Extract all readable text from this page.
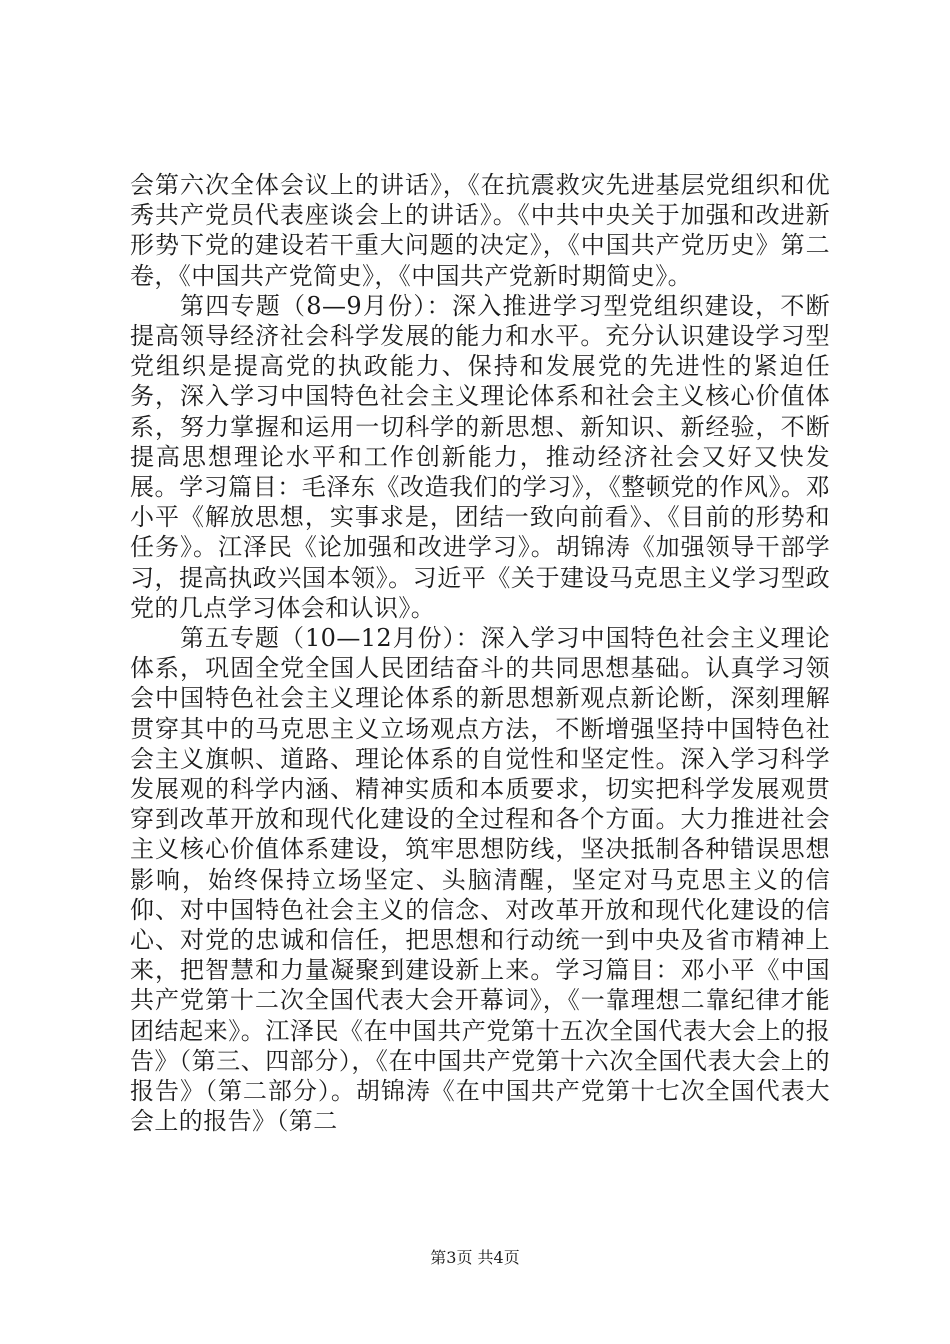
会第六次全体会议上的讲话》，《在抗震救灾先进基层党组织和优秀共产党员代表座谈会上的讲话》。《中共中央关于加强和改进新形势下党的建设若干重大问题的决定》，《中国共产党历史》第二卷，《中国共产党简史》，《中国共产党新时期简史》。

第四专题（8—9月份）：深入推进学习型党组织建设，不断提高领导经济社会科学发展的能力和水平。充分认识建设学习型党组织是提高党的执政能力、保持和发展党的先进性的紧迫任务，深入学习中国特色社会主义理论体系和社会主义核心价值体系，努力掌握和运用一切科学的新思想、新知识、新经验，不断提高思想理论水平和工作创新能力，推动经济社会又好又快发展。学习篇目：毛泽东《改造我们的学习》，《整顿党的作风》。邓小平《解放思想，实事求是，团结一致向前看》、《目前的形势和任务》。江泽民《论加强和改进学习》。胡锦涛《加强领导干部学习，提高执政兴国本领》。习近平《关于建设马克思主义学习型政党的几点学习体会和认识》。

第五专题（10—12月份）：深入学习中国特色社会主义理论体系，巩固全党全国人民团结奋斗的共同思想基础。认真学习领会中国特色社会主义理论体系的新思想新观点新论断，深刻理解贯穿其中的马克思主义立场观点方法，不断增强坚持中国特色社会主义旗帜、道路、理论体系的自觉性和坚定性。深入学习科学发展观的科学内涵、精神实质和本质要求，切实把科学发展观贯穿到改革开放和现代化建设的全过程和各个方面。大力推进社会主义核心价值体系建设，筑牢思想防线，坚决抵制各种错误思想影响，始终保持立场坚定、头脑清醒，坚定对马克思主义的信仰、对中国特色社会主义的信念、对改革开放和现代化建设的信心、对党的忠诚和信任，把思想和行动统一到中央及省市精神上来，把智慧和力量凝聚到建设新上来。学习篇目：邓小平《中国共产党第十二次全国代表大会开幕词》，《一靠理想二靠纪律才能团结起来》。江泽民《在中国共产党第十五次全国代表大会上的报告》（第三、四部分），《在中国共产党第十六次全国代表大会上的报告》（第二部分）。胡锦涛《在中国共产党第十七次全国代表大会上的报告》（第二

第3页 共4页
